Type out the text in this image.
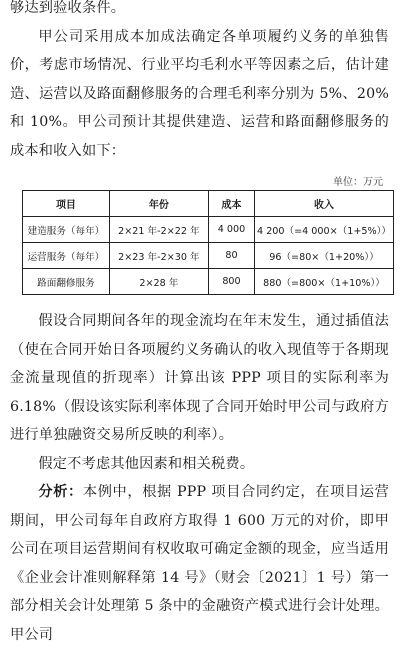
够达到验收条件。

甲公司采用成本加成法确定各单项履约义务的单独售价，考虑市场情况、行业平均毛利水平等因素之后，估计建造、运营以及路面翻修服务的合理毛利率分别为 5%、20% 和 10%。甲公司预计其提供建造、运营和路面翻修服务的成本和收入如下：

单位：万元
项目	年份	成本	收入
建造服务（每年）	2×21 年-2×22 年	4 000	4 200（=4 000×（1+5%））
运营服务（每年）	2×23 年-2×30 年	80	96（=80×（1+20%））
路面翻修服务	2×28 年	800	880（=800×（1+10%））

假设合同期间各年的现金流均在年末发生，通过插值法（使在合同开始日各项履约义务确认的收入现值等于各期现金流量现值的折现率）计算出该 PPP 项目的实际利率为 6.18%（假设该实际利率体现了合同开始时甲公司与政府方进行单独融资交易所反映的利率）。

假定不考虑其他因素和相关税费。

分析：本例中，根据 PPP 项目合同约定，在项目运营期间，甲公司每年自政府方取得 1 600 万元的对价，即甲公司在项目运营期间有权收取可确定金额的现金，应当适用《企业会计准则解释第 14 号》（财会〔2021〕1 号）第一部分相关会计处理第 5 条中的金融资产模式进行会计处理。甲公司
